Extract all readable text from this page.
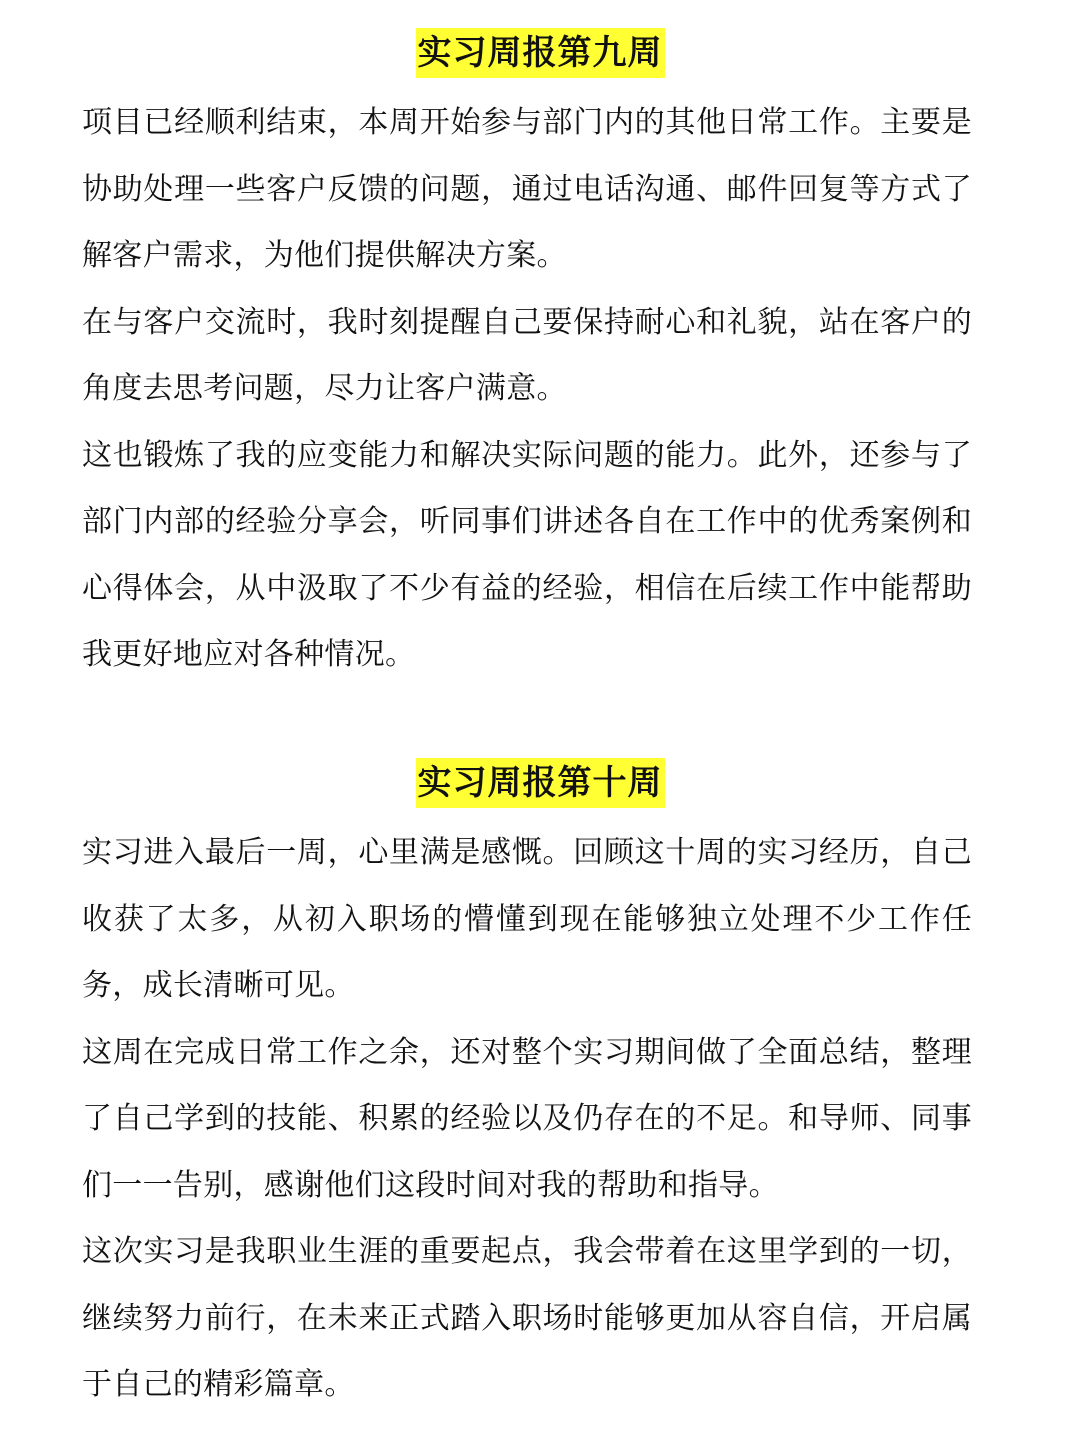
实习周报第九周

项目已经顺利结束，本周开始参与部门内的其他日常工作。主要是协助处理一些客户反馈的问题，通过电话沟通、邮件回复等方式了解客户需求，为他们提供解决方案。

在与客户交流时，我时刻提醒自己要保持耐心和礼貌，站在客户的角度去思考问题，尽力让客户满意。

这也锻炼了我的应变能力和解决实际问题的能力。此外，还参与了部门内部的经验分享会，听同事们讲述各自在工作中的优秀案例和心得体会，从中汲取了不少有益的经验，相信在后续工作中能帮助我更好地应对各种情况。

实习周报第十周

实习进入最后一周，心里满是感慨。回顾这十周的实习经历，自己收获了太多，从初入职场的懵懂到现在能够独立处理不少工作任务，成长清晰可见。

这周在完成日常工作之余，还对整个实习期间做了全面总结，整理了自己学到的技能、积累的经验以及仍存在的不足。和导师、同事们一一告别，感谢他们这段时间对我的帮助和指导。

这次实习是我职业生涯的重要起点，我会带着在这里学到的一切，继续努力前行，在未来正式踏入职场时能够更加从容自信，开启属于自己的精彩篇章。
